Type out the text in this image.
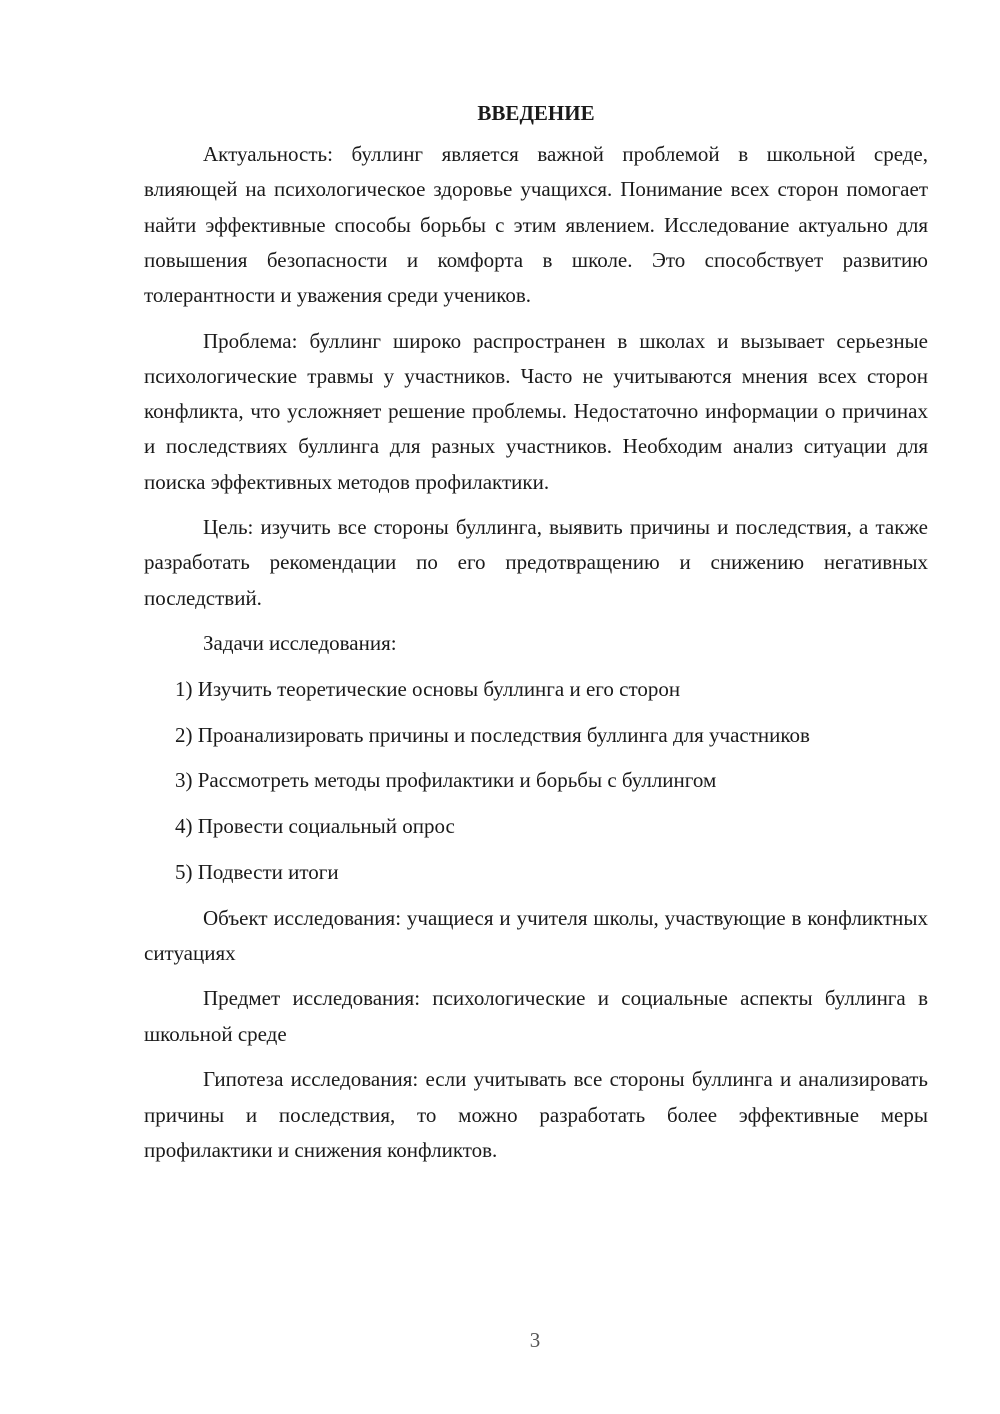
ВВЕДЕНИЕ

Актуальность: буллинг является важной проблемой в школьной среде, влияющей на психологическое здоровье учащихся. Понимание всех сторон помогает найти эффективные способы борьбы с этим явлением. Исследование актуально для повышения безопасности и комфорта в школе. Это способствует развитию толерантности и уважения среди учеников.

Проблема: буллинг широко распространен в школах и вызывает серьезные психологические травмы у участников. Часто не учитываются мнения всех сторон конфликта, что усложняет решение проблемы. Недостаточно информации о причинах и последствиях буллинга для разных участников. Необходим анализ ситуации для поиска эффективных методов профилактики.

Цель: изучить все стороны буллинга, выявить причины и последствия, а также разработать рекомендации по его предотвращению и снижению негативных последствий.

Задачи исследования:

1) Изучить теоретические основы буллинга и его сторон

2) Проанализировать причины и последствия буллинга для участников

3) Рассмотреть методы профилактики и борьбы с буллингом

4) Провести социальный опрос

5) Подвести итоги

Объект исследования: учащиеся и учителя школы, участвующие в конфликтных ситуациях

Предмет исследования: психологические и социальные аспекты буллинга в школьной среде

Гипотеза исследования: если учитывать все стороны буллинга и анализировать причины и последствия, то можно разработать более эффективные меры профилактики и снижения конфликтов.

3
